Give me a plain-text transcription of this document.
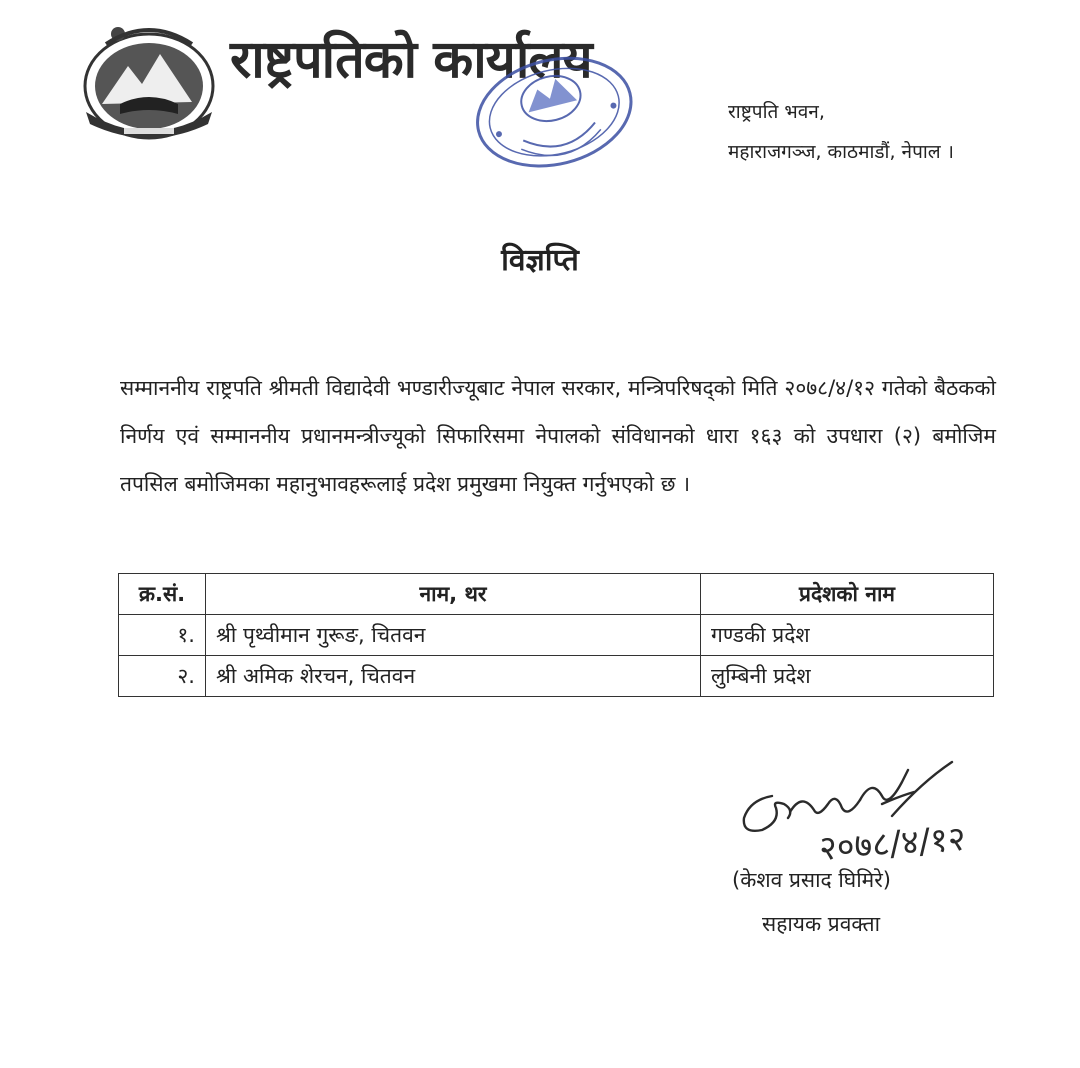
राष्ट्रपतिको कार्यालय
राष्ट्रपति भवन,
महाराजगञ्ज, काठमाडौं, नेपाल ।
विज्ञप्ति
सम्माननीय राष्ट्रपति श्रीमती विद्यादेवी भण्डारीज्यूबाट नेपाल सरकार, मन्त्रिपरिषद्को मिति २०७८/४/१२ गतेको बैठकको निर्णय एवं सम्माननीय प्रधानमन्त्रीज्यूको सिफारिसमा नेपालको संविधानको धारा १६३ को उपधारा (२) बमोजिम तपसिल बमोजिमका महानुभावहरूलाई प्रदेश प्रमुखमा नियुक्त गर्नुभएको छ ।
क्र.सं.	नाम, थर	प्रदेशको नाम
१.	श्री पृथ्वीमान गुरूङ, चितवन	गण्डकी प्रदेश
२.	श्री अमिक शेरचन, चितवन	लुम्बिनी प्रदेश
२०७८/४/१२
(केशव प्रसाद घिमिरे)
सहायक प्रवक्ता
